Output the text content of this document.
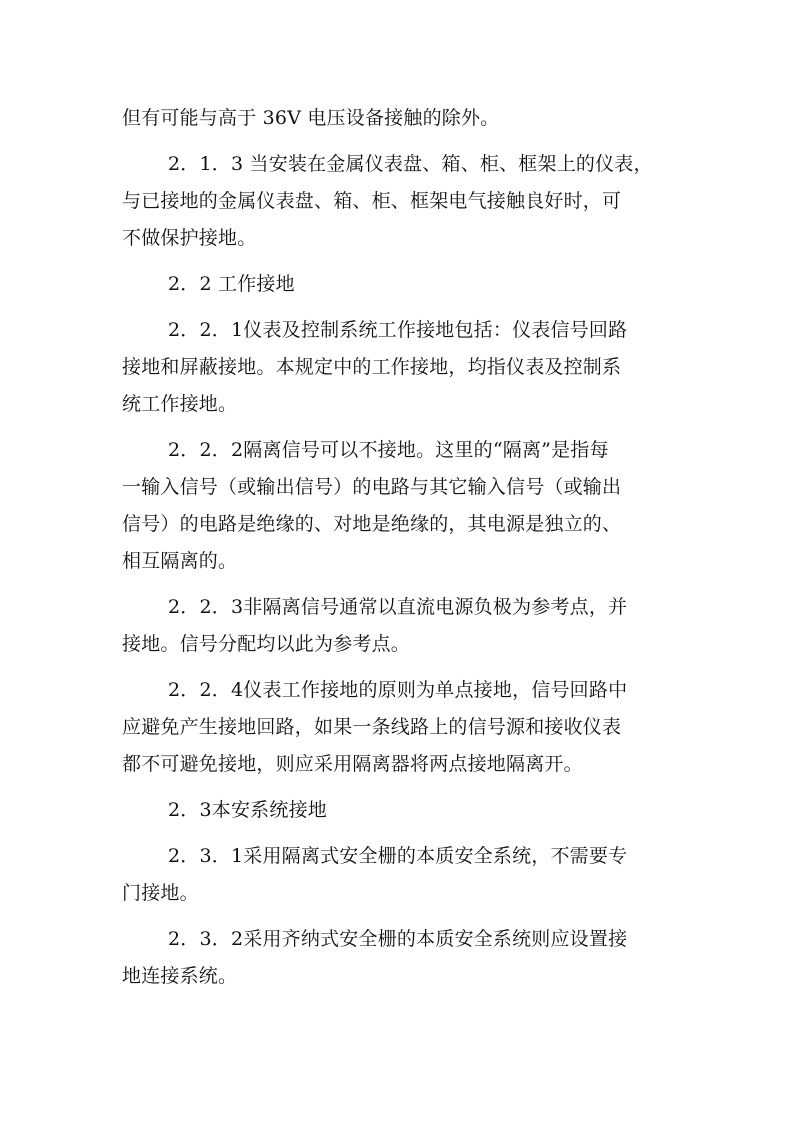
但有可能与高于 36V 电压设备接触的除外。
2．1．3 当安装在金属仪表盘、箱、柜、框架上的仪表，
与已接地的金属仪表盘、箱、柜、框架电气接触良好时，可
不做保护接地。
2．2 工作接地
2．2．1仪表及控制系统工作接地包括：仪表信号回路
接地和屏蔽接地。本规定中的工作接地，均指仪表及控制系
统工作接地。
2．2．2隔离信号可以不接地。这里的“隔离”是指每
一输入信号（或输出信号）的电路与其它输入信号（或输出
信号）的电路是绝缘的、对地是绝缘的，其电源是独立的、
相互隔离的。
2．2．3非隔离信号通常以直流电源负极为参考点，并
接地。信号分配均以此为参考点。
2．2．4仪表工作接地的原则为单点接地，信号回路中
应避免产生接地回路，如果一条线路上的信号源和接收仪表
都不可避免接地，则应采用隔离器将两点接地隔离开。
2．3本安系统接地
2．3．1采用隔离式安全栅的本质安全系统，不需要专
门接地。
2．3．2采用齐纳式安全栅的本质安全系统则应设置接
地连接系统。
